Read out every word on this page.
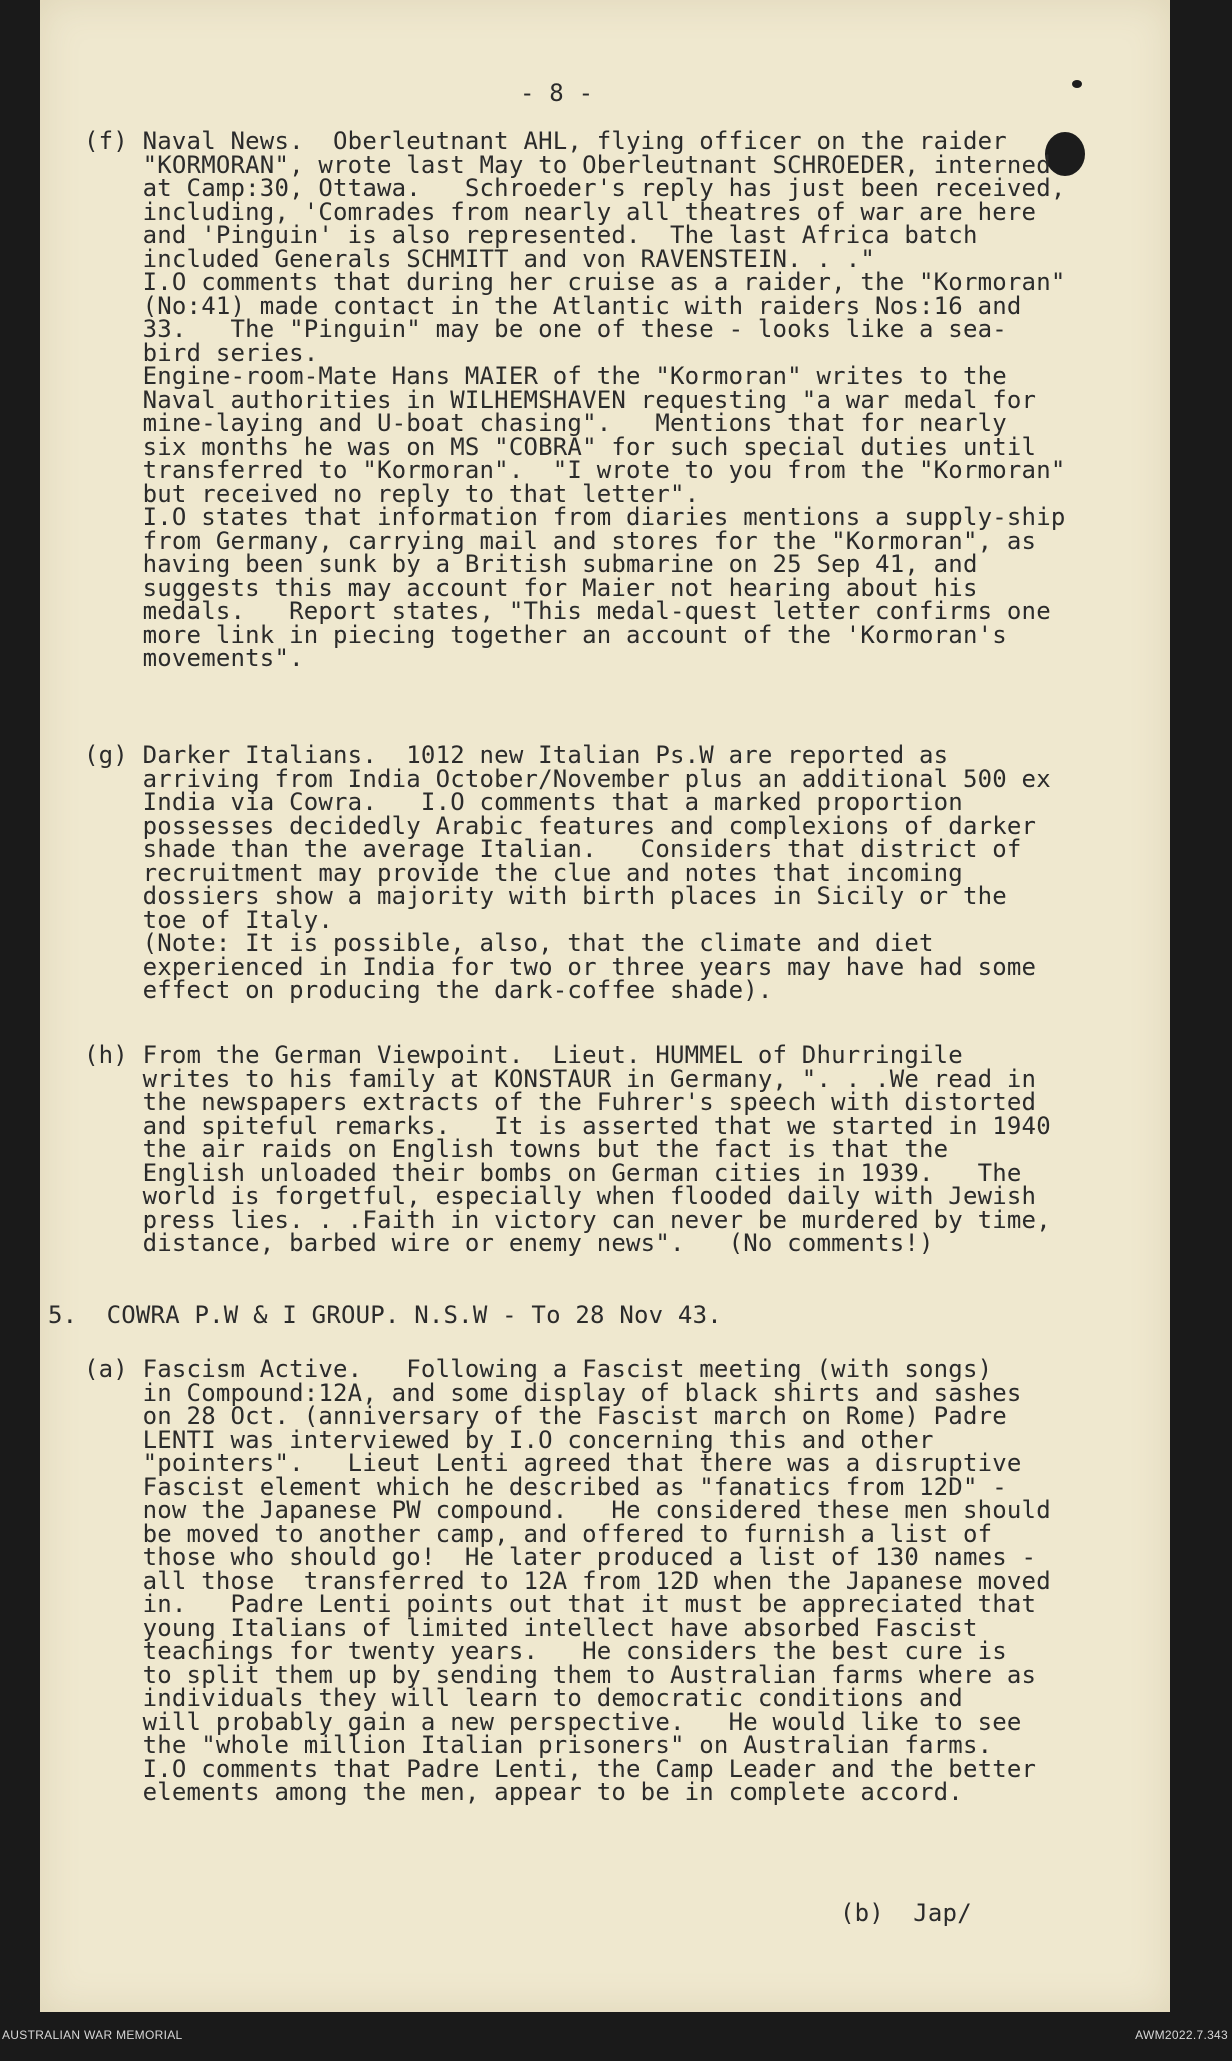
- 8 -
(f) Naval News.  Oberleutnant AHL, flying officer on the raider
"KORMORAN", wrote last May to Oberleutnant SCHROEDER, interned
at Camp:30, Ottawa.   Schroeder's reply has just been received,
including, 'Comrades from nearly all theatres of war are here
and 'Pinguin' is also represented.  The last Africa batch
included Generals SCHMITT and von RAVENSTEIN. . ."
I.O comments that during her cruise as a raider, the "Kormoran"
(No:41) made contact in the Atlantic with raiders Nos:16 and
33.   The "Pinguin" may be one of these - looks like a sea-
bird series.
Engine-room-Mate Hans MAIER of the "Kormoran" writes to the
Naval authorities in WILHEMSHAVEN requesting "a war medal for
mine-laying and U-boat chasing".   Mentions that for nearly
six months he was on MS "COBRA" for such special duties until
transferred to "Kormoran".  "I wrote to you from the "Kormoran"
but received no reply to that letter".
I.O states that information from diaries mentions a supply-ship
from Germany, carrying mail and stores for the "Kormoran", as
having been sunk by a British submarine on 25 Sep 41, and
suggests this may account for Maier not hearing about his
medals.   Report states, "This medal-quest letter confirms one
more link in piecing together an account of the 'Kormoran's
movements".
(g) Darker Italians.  1012 new Italian Ps.W are reported as
arriving from India October/November plus an additional 500 ex
India via Cowra.   I.O comments that a marked proportion
possesses decidedly Arabic features and complexions of darker
shade than the average Italian.   Considers that district of
recruitment may provide the clue and notes that incoming
dossiers show a majority with birth places in Sicily or the
toe of Italy.
(Note: It is possible, also, that the climate and diet
experienced in India for two or three years may have had some
effect on producing the dark-coffee shade).
(h) From the German Viewpoint.  Lieut. HUMMEL of Dhurringile
writes to his family at KONSTAUR in Germany, ". . .We read in
the newspapers extracts of the Fuhrer's speech with distorted
and spiteful remarks.   It is asserted that we started in 1940
the air raids on English towns but the fact is that the
English unloaded their bombs on German cities in 1939.   The
world is forgetful, especially when flooded daily with Jewish
press lies. . .Faith in victory can never be murdered by time,
distance, barbed wire or enemy news".   (No comments!)
5.  COWRA P.W & I GROUP. N.S.W - To 28 Nov 43.
(a) Fascism Active.   Following a Fascist meeting (with songs)
in Compound:12A, and some display of black shirts and sashes
on 28 Oct. (anniversary of the Fascist march on Rome) Padre
LENTI was interviewed by I.O concerning this and other
"pointers".   Lieut Lenti agreed that there was a disruptive
Fascist element which he described as "fanatics from 12D" -
now the Japanese PW compound.   He considered these men should
be moved to another camp, and offered to furnish a list of
those who should go!  He later produced a list of 130 names -
all those  transferred to 12A from 12D when the Japanese moved
in.   Padre Lenti points out that it must be appreciated that
young Italians of limited intellect have absorbed Fascist
teachings for twenty years.   He considers the best cure is
to split them up by sending them to Australian farms where as
individuals they will learn to democratic conditions and
will probably gain a new perspective.   He would like to see
the "whole million Italian prisoners" on Australian farms.
I.O comments that Padre Lenti, the Camp Leader and the better
elements among the men, appear to be in complete accord.
(b)  Jap/
AUSTRALIAN WAR MEMORIAL	AWM2022.7.343
